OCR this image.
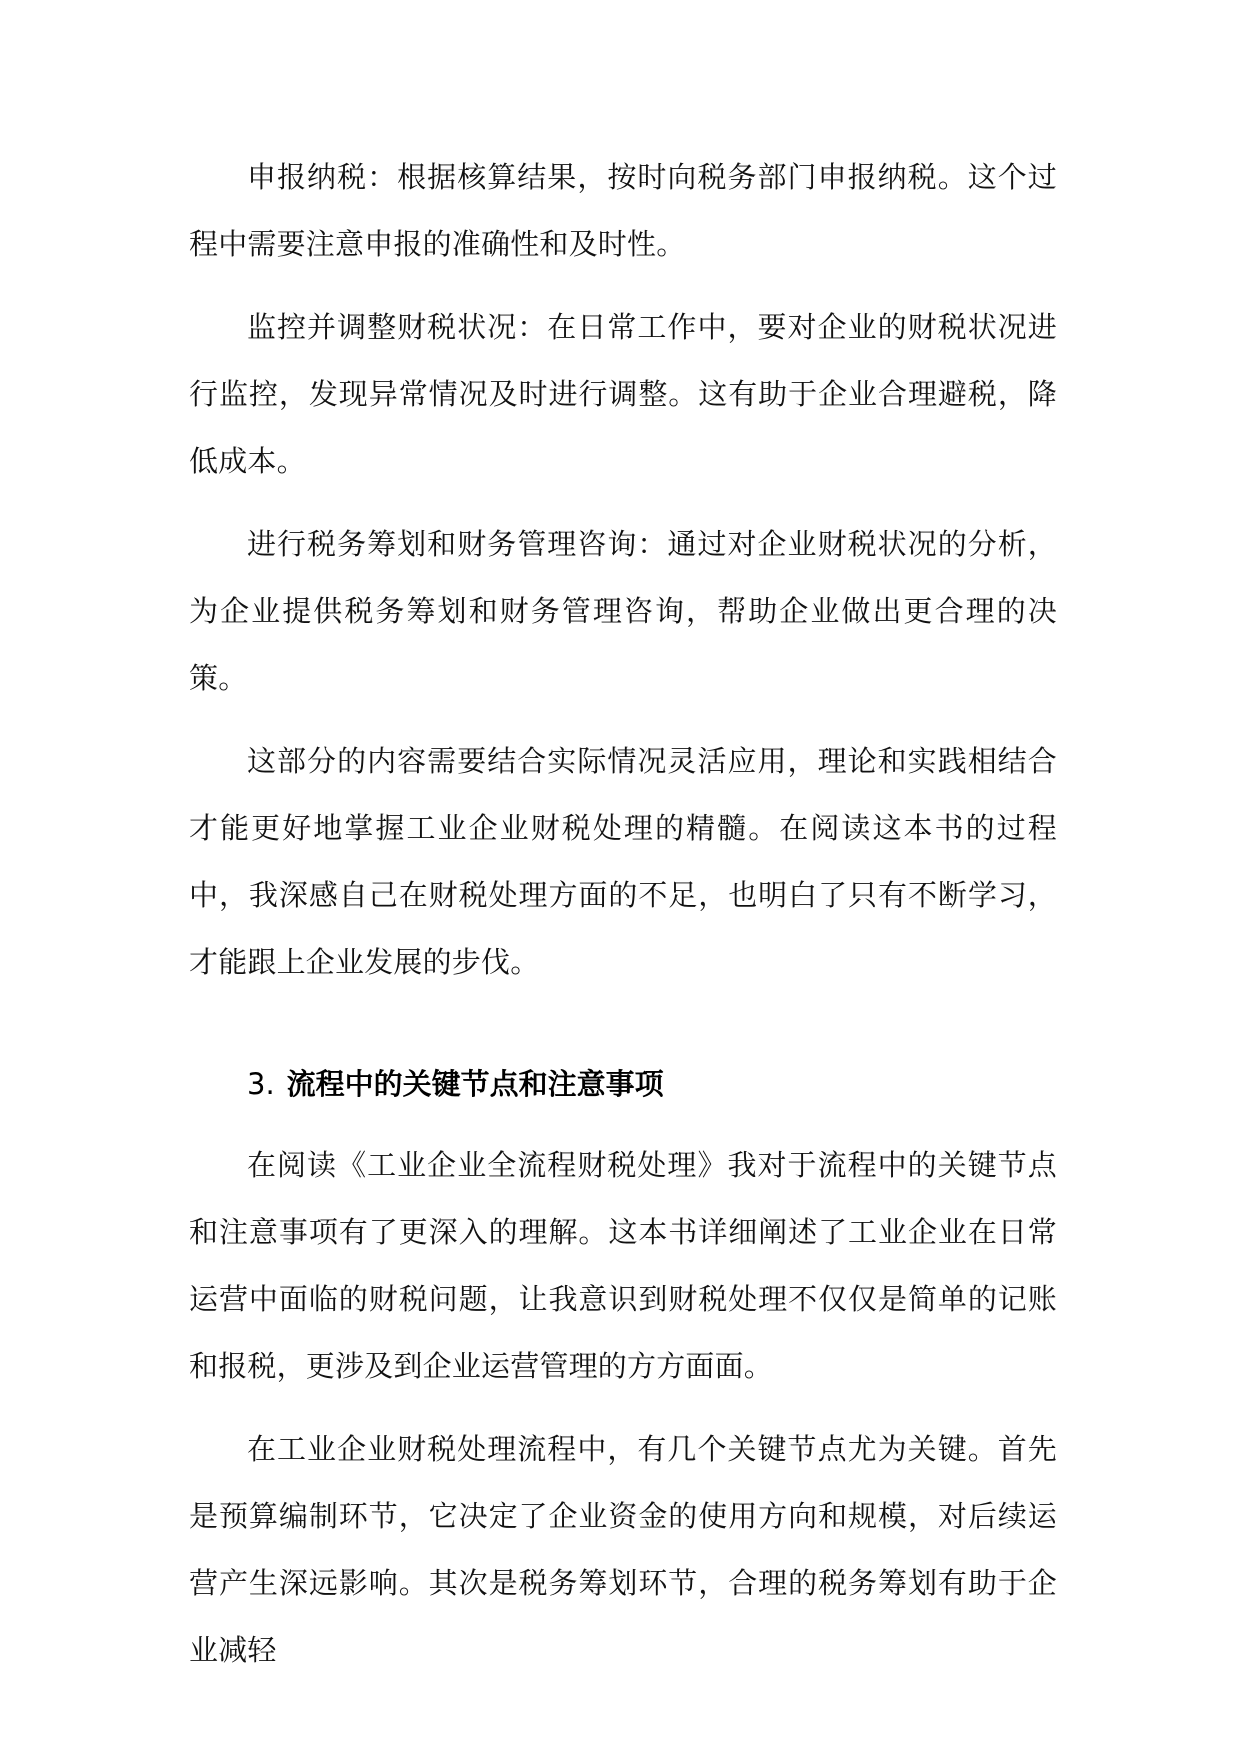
申报纳税：根据核算结果，按时向税务部门申报纳税。这个过程中需要注意申报的准确性和及时性。

监控并调整财税状况：在日常工作中，要对企业的财税状况进行监控，发现异常情况及时进行调整。这有助于企业合理避税，降低成本。

进行税务筹划和财务管理咨询：通过对企业财税状况的分析，为企业提供税务筹划和财务管理咨询，帮助企业做出更合理的决策。

这部分的内容需要结合实际情况灵活应用，理论和实践相结合才能更好地掌握工业企业财税处理的精髓。在阅读这本书的过程中，我深感自己在财税处理方面的不足，也明白了只有不断学习，才能跟上企业发展的步伐。

3. 流程中的关键节点和注意事项

在阅读《工业企业全流程财税处理》我对于流程中的关键节点和注意事项有了更深入的理解。这本书详细阐述了工业企业在日常运营中面临的财税问题，让我意识到财税处理不仅仅是简单的记账和报税，更涉及到企业运营管理的方方面面。

在工业企业财税处理流程中，有几个关键节点尤为关键。首先是预算编制环节，它决定了企业资金的使用方向和规模，对后续运营产生深远影响。其次是税务筹划环节，合理的税务筹划有助于企业减轻
